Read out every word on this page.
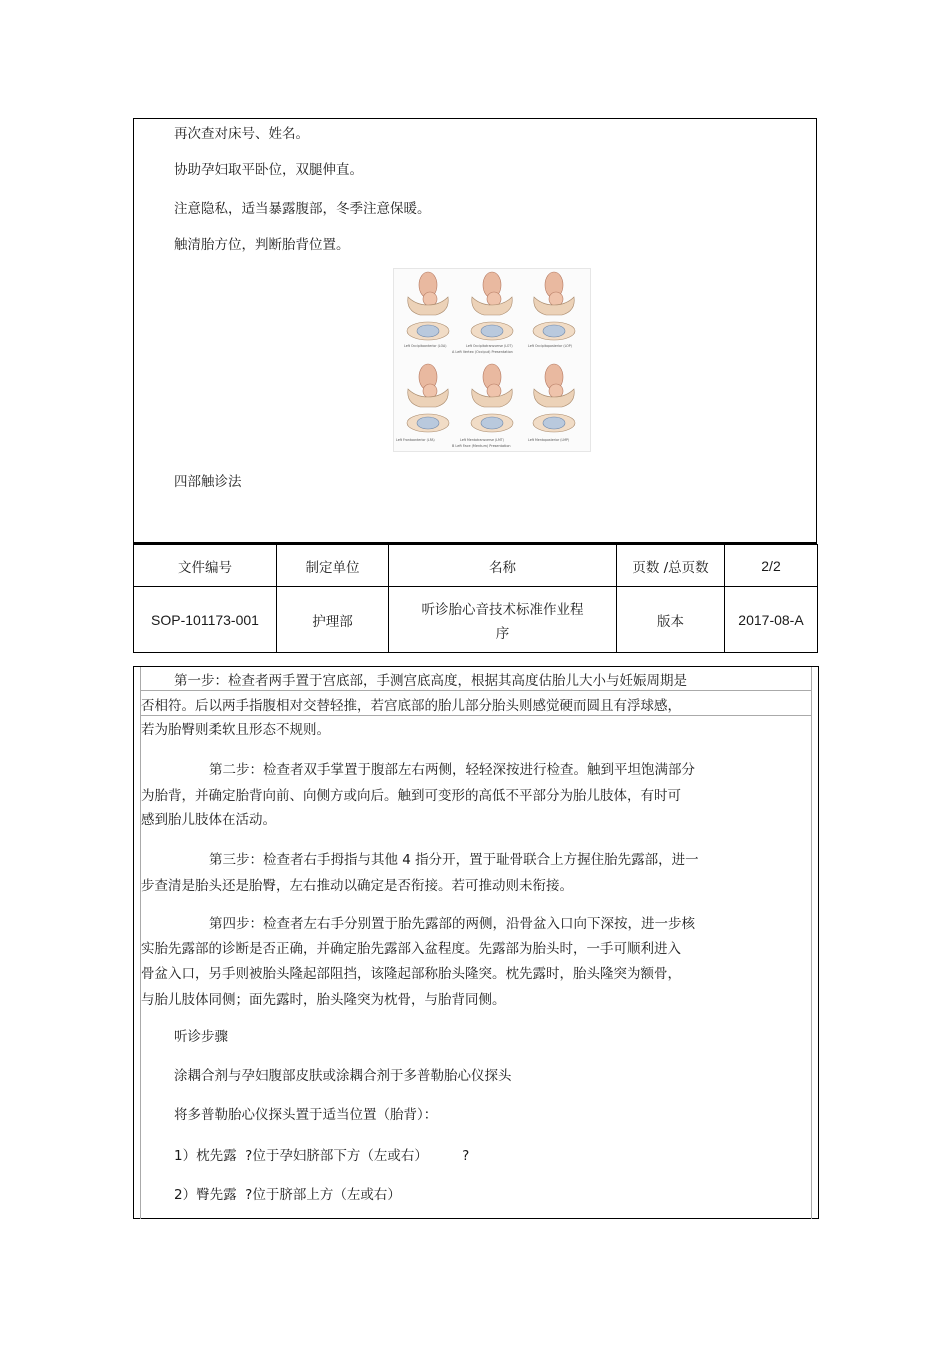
再次查对床号、姓名。
协助孕妇取平卧位，双腿伸直。
注意隐私，适当暴露腹部，冬季注意保暖。
触清胎方位，判断胎背位置。
Left Occipitoanterior (LOA)	Left Occipitotransverse (LOT)	Left Occipitoposterior (LOP)
A Left Vertex (Occiput) Presentation
Left Frontoanterior (LFA)	Left Mentotransverse (LMT)	Left Mentoposterior (LMP)
B Left Face (Mentum) Presentation
四部触诊法
文件编号	制定单位	名称	页数 /总页数	2/2
SOP-101173-001	护理部	听诊胎心音技术标准作业程
序	版本	2017-08-A
第一步：检查者两手置于宫底部，手测宫底高度，根据其高度估胎儿大小与妊娠周期是
否相符。后以两手指腹相对交替轻推，若宫底部的胎儿部分胎头则感觉硬而圆且有浮球感，
若为胎臀则柔软且形态不规则。
第二步：检查者双手掌置于腹部左右两侧，轻轻深按进行检查。触到平坦饱满部分
为胎背，并确定胎背向前、向侧方或向后。触到可变形的高低不平部分为胎儿肢体，有时可
感到胎儿肢体在活动。
第三步：检查者右手拇指与其他 4 指分开，置于耻骨联合上方握住胎先露部，进一
步查清是胎头还是胎臀，左右推动以确定是否衔接。若可推动则未衔接。
第四步：检查者左右手分别置于胎先露部的两侧，沿骨盆入口向下深按，进一步核
实胎先露部的诊断是否正确，并确定胎先露部入盆程度。先露部为胎头时，一手可顺利进入
骨盆入口，另手则被胎头隆起部阻挡，该隆起部称胎头隆突。枕先露时，胎头隆突为额骨，
与胎儿肢体同侧；面先露时，胎头隆突为枕骨，与胎背同侧。
听诊步骤
涂耦合剂与孕妇腹部皮肤或涂耦合剂于多普勒胎心仪探头
将多普勒胎心仪探头置于适当位置（胎背）：
1）枕先露  ?位于孕妇脐部下方（左或右）        ?
2）臀先露  ?位于脐部上方（左或右）
